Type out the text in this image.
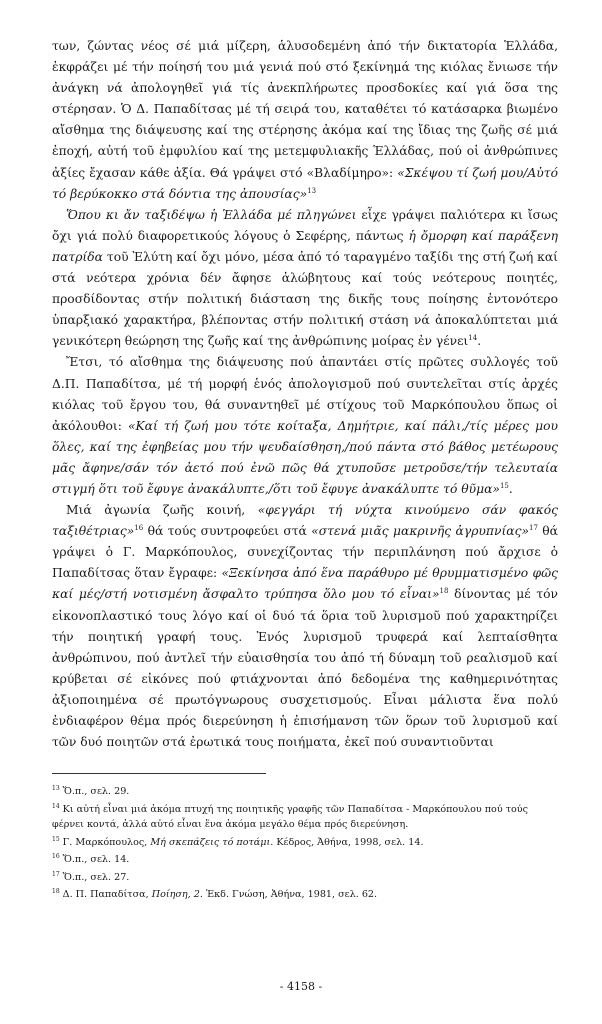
των, ζώντας νέος σέ μιά μίζερη, ἁλυσοδεμένη ἀπό τήν δικτατορία Ἑλλάδα, ἐκφράζει μέ τήν ποίησή του μιά γενιά πού στό ξεκίνημά της κιόλας ἔνιωσε τήν ἀνάγκη νά ἀπολογηθεῖ γιά τίς ἀνεκπλήρωτες προσδοκίες καί γιά ὅσα της στέρησαν. Ὁ Δ. Παπαδίτσας μέ τή σειρά του, καταθέτει τό κατάσαρκα βιωμένο αἴσθημα της διάψευσης καί της στέρησης ἀκόμα καί της ἴδιας της ζωῆς σέ μιά ἐποχή, αὐτή τοῦ ἐμφυλίου καί της μετεμφυλιακῆς Ἑλλάδας, πού οἱ ἀνθρώπινες ἀξίες ἔχασαν κάθε ἀξία. Θά γράψει στό «Βλαδίμηρο»: «Σκέψου τί ζωή μου/Αὐτό τό βερύκοκκο στά δόντια της ἀπουσίας»$^{13}$

Ὅπου κι ἄν ταξιδέψω ἡ Ἑλλάδα μέ πληγώνει εἶχε γράψει παλιότερα κι ἴσως ὄχι γιά πολύ διαφορετικούς λόγους ὁ Σεφέρης, πάντως ἡ ὄμορφη καί παράξενη πατρίδα τοῦ Ἐλύτη καί ὄχι μόνο, μέσα ἀπό τό ταραγμένο ταξίδι της στή ζωή καί στά νεότερα χρόνια δέν ἄφησε ἀλώβητους καί τούς νεότερους ποιητές, προσδίδοντας στήν πολιτική διάσταση της δικῆς τους ποίησης ἐντονότερο ὑπαρξιακό χαρακτήρα, βλέποντας στήν πολιτική στάση νά ἀποκαλύπτεται μιά γενικότερη θεώρηση της ζωῆς καί της ἀνθρώπινης μοίρας ἐν γένει$^{14}$.

Ἔτσι, τό αἴσθημα της διάψευσης πού ἀπαντάει στίς πρῶτες συλλογές τοῦ Δ.Π. Παπαδίτσα, μέ τή μορφή ἑνός ἀπολογισμοῦ πού συντελεῖται στίς ἀρχές κιόλας τοῦ ἔργου του, θά συναντηθεῖ μέ στίχους τοῦ Μαρκόπουλου ὅπως οἱ ἀκόλουθοι: «Καί τή ζωή μου τότε κοίταξα, Δημήτριε, καί πάλι,/τίς μέρες μου ὅλες, καί της ἐφηβείας μου τήν ψευδαίσθηση,/πού πάντα στό βάθος μετέωρους μᾶς ἄφηνε/σάν τόν ἀετό πού ἐνῶ πῶς θά χτυποῦσε μετροῦσε/τήν τελευταία στιγμή ὅτι τοῦ ἔφυγε ἀνακάλυπτε,/ὅτι τοῦ ἔφυγε ἀνακάλυπτε τό θῦμα»$^{15}$.

Μιά ἀγωνία ζωῆς κοινή, «φεγγάρι τή νύχτα κινούμενο σάν φακός ταξιθέτριας»$^{16}$ θά τούς συντροφεύει στά «στενά μιᾶς μακρινῆς ἀγρυπνίας»$^{17}$ θά γράψει ὁ Γ. Μαρκόπουλος, συνεχίζοντας τήν περιπλάνηση πού ἄρχισε ὁ Παπαδίτσας ὅταν ἔγραφε: «Ξεκίνησα ἀπό ἕνα παράθυρο μέ θρυμματισμένο φῶς καί μές/στή νοτισμένη ἄσφαλτο τρύπησα ὅλο μου τό εἶναι»$^{18}$ δίνοντας μέ τόν εἰκονοπλαστικό τους λόγο καί οἱ δυό τά ὅρια τοῦ λυρισμοῦ πού χαρακτηρίζει τήν ποιητική γραφή τους. Ἑνός λυρισμοῦ τρυφερά καί λεπταίσθητα ἀνθρώπινου, πού ἀντλεῖ τήν εὐαισθησία του ἀπό τή δύναμη τοῦ ρεαλισμοῦ καί κρύβεται σέ εἰκόνες πού φτιάχνονται ἀπό δεδομένα της καθημερινότητας ἀξιοποιημένα σέ πρωτόγνωρους συσχετισμούς. Εἶναι μάλιστα ἕνα πολύ ἐνδιαφέρον θέμα πρός διερεύνηση ἡ ἐπισήμανση τῶν ὅρων τοῦ λυρισμοῦ καί τῶν δυό ποιητῶν στά ἐρωτικά τους ποιήματα, ἐκεῖ πού συναντιοῦνται

$^{13}$ Ὅ.π., σελ. 29.

$^{14}$ Κι αὐτή εἶναι μιά ἀκόμα πτυχή της ποιητικῆς γραφῆς τῶν Παπαδίτσα - Μαρκόπουλου πού τούς φέρνει κοντά, ἀλλά αὐτό εἶναι ἕνα ἀκόμα μεγάλο θέμα πρός διερεύνηση.

$^{15}$ Γ. Μαρκόπουλος, Μή σκεπάζεις τό ποτάμι. Κέδρος, Ἀθήνα, 1998, σελ. 14.

$^{16}$ Ὅ.π., σελ. 14.

$^{17}$ Ὅ.π., σελ. 27.

$^{18}$ Δ. Π. Παπαδίτσα, Ποίηση, 2. Ἐκδ. Γνώση, Ἀθήνα, 1981, σελ. 62.

- 4158 -
